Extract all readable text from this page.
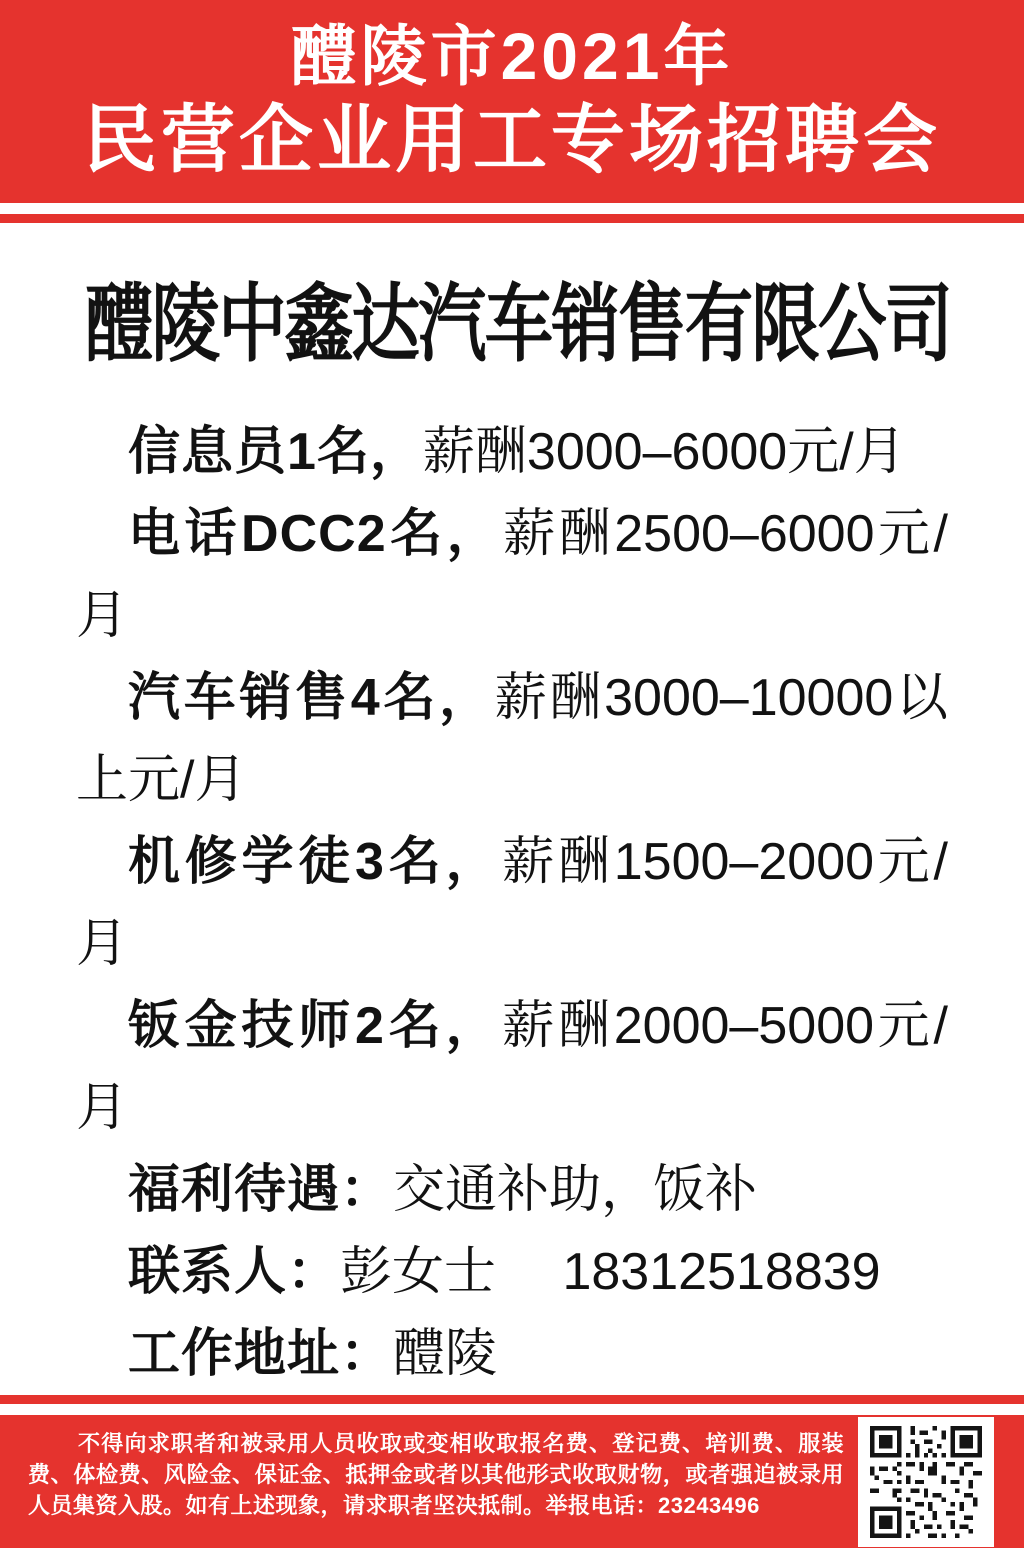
醴陵市2021年
民营企业用工专场招聘会
醴陵中鑫达汽车销售有限公司

信息员1名，薪酬3000–6000元/月

电话DCC2名，薪酬2500–6000元/月

汽车销售4名，薪酬3000–10000以上元/月

机修学徒3名，薪酬1500–2000元/月

钣金技师2名，薪酬2000–5000元/月

福利待遇：交通补助，饭补

联系人：彭女士　 18312518839

工作地址：醴陵

不得向求职者和被录用人员收取或变相收取报名费、登记费、培训费、服装费、体检费、风险金、保证金、抵押金或者以其他形式收取财物，或者强迫被录用人员集资入股。如有上述现象，请求职者坚决抵制。举报电话：23243496
